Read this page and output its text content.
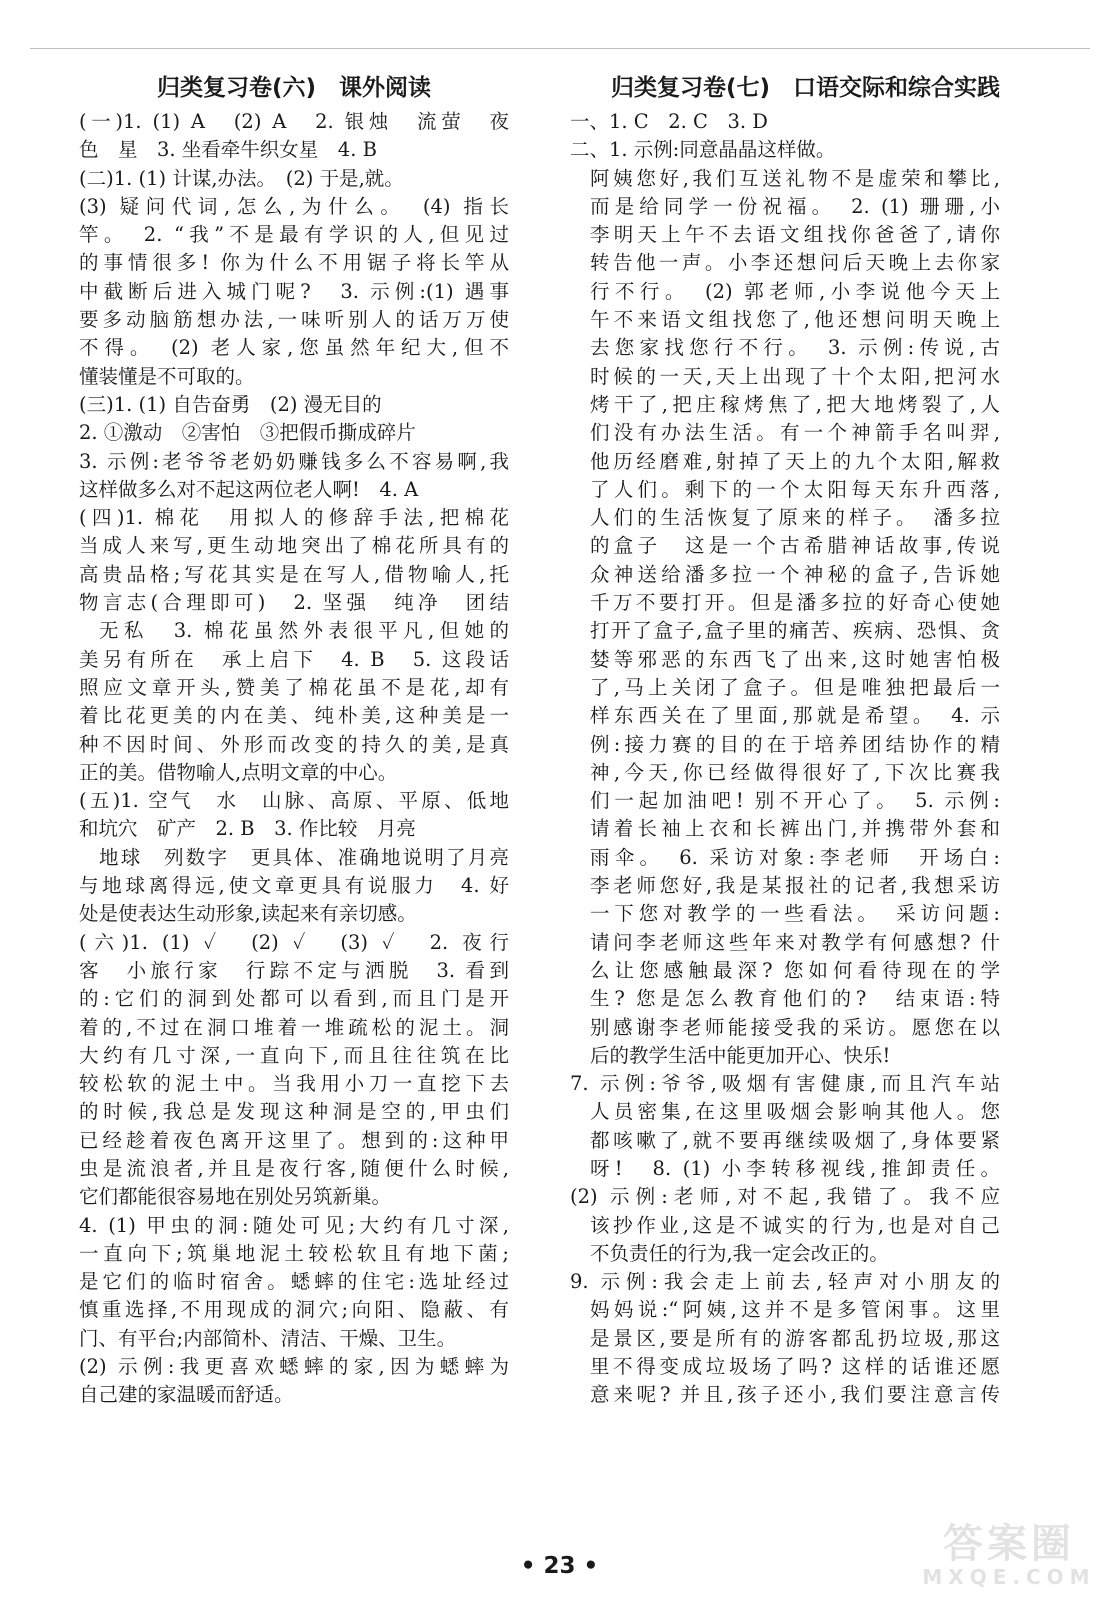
归类复习卷(六)　课外阅读
(一)1. (1) A　(2) A　2. 银烛　流萤　夜
色　星　3. 坐看牵牛织女星　4. B
(二)1. (1) 计谋,办法。　(2) 于是,就。
(3) 疑问代词,怎么,为什么。　(4) 指长
竿。　2. “我”不是最有学识的人,但见过
的事情很多! 你为什么不用锯子将长竿从
中截断后进入城门呢?　3. 示例:(1) 遇事
要多动脑筋想办法,一味听别人的话万万使
不得。　(2) 老人家,您虽然年纪大,但不
懂装懂是不可取的。
(三)1. (1) 自告奋勇　(2) 漫无目的
2. ①激动　②害怕　③把假币撕成碎片
3. 示例:老爷爷老奶奶赚钱多么不容易啊,我
这样做多么对不起这两位老人啊!　4. A
(四)1. 棉花　用拟人的修辞手法,把棉花
当成人来写,更生动地突出了棉花所具有的
高贵品格;写花其实是在写人,借物喻人,托
物言志(合理即可)　2. 坚强　纯净　团结
无私　3. 棉花虽然外表很平凡,但她的
美另有所在　承上启下　4. B　5. 这段话
照应文章开头,赞美了棉花虽不是花,却有
着比花更美的内在美、纯朴美,这种美是一
种不因时间、外形而改变的持久的美,是真
正的美。借物喻人,点明文章的中心。
(五)1. 空气　水　山脉、高原、平原、低地
和坑穴　矿产　2. B　3. 作比较　月亮
地球　列数字　更具体、准确地说明了月亮
与地球离得远,使文章更具有说服力　4. 好
处是使表达生动形象,读起来有亲切感。
(六)1. (1) ✓　(2) ✓　(3) ✓　2. 夜行
客　小旅行家　行踪不定与洒脱　3. 看到
的:它们的洞到处都可以看到,而且门是开
着的,不过在洞口堆着一堆疏松的泥土。洞
大约有几寸深,一直向下,而且往往筑在比
较松软的泥土中。当我用小刀一直挖下去
的时候,我总是发现这种洞是空的,甲虫们
已经趁着夜色离开这里了。想到的:这种甲
虫是流浪者,并且是夜行客,随便什么时候,
它们都能很容易地在别处另筑新巢。
4. (1) 甲虫的洞:随处可见;大约有几寸深,
一直向下;筑巢地泥土较松软且有地下菌;
是它们的临时宿舍。蟋蟀的住宅:选址经过
慎重选择,不用现成的洞穴;向阳、隐蔽、有
门、有平台;内部简朴、清洁、干燥、卫生。
(2) 示例:我更喜欢蟋蟀的家,因为蟋蟀为
自己建的家温暖而舒适。
归类复习卷(七)　口语交际和综合实践
一、1. C　2. C　3. D
二、1. 示例:同意晶晶这样做。
阿姨您好,我们互送礼物不是虚荣和攀比,
而是给同学一份祝福。　2. (1) 珊珊,小
李明天上午不去语文组找你爸爸了,请你
转告他一声。小李还想问后天晚上去你家
行不行。　(2) 郭老师,小李说他今天上
午不来语文组找您了,他还想问明天晚上
去您家找您行不行。　3. 示例:传说,古
时候的一天,天上出现了十个太阳,把河水
烤干了,把庄稼烤焦了,把大地烤裂了,人
们没有办法生活。有一个神箭手名叫羿,
他历经磨难,射掉了天上的九个太阳,解救
了人们。剩下的一个太阳每天东升西落,
人们的生活恢复了原来的样子。　潘多拉
的盒子　这是一个古希腊神话故事,传说
众神送给潘多拉一个神秘的盒子,告诉她
千万不要打开。但是潘多拉的好奇心使她
打开了盒子,盒子里的痛苦、疾病、恐惧、贪
婪等邪恶的东西飞了出来,这时她害怕极
了,马上关闭了盒子。但是唯独把最后一
样东西关在了里面,那就是希望。　4. 示
例:接力赛的目的在于培养团结协作的精
神,今天,你已经做得很好了,下次比赛我
们一起加油吧! 别不开心了。　5. 示例:
请着长袖上衣和长裤出门,并携带外套和
雨伞。　6. 采访对象:李老师　开场白:
李老师您好,我是某报社的记者,我想采访
一下您对教学的一些看法。　采访问题:
请问李老师这些年来对教学有何感想? 什
么让您感触最深? 您如何看待现在的学
生? 您是怎么教育他们的?　结束语:特
别感谢李老师能接受我的采访。愿您在以
后的教学生活中能更加开心、快乐!
7. 示例:爷爷,吸烟有害健康,而且汽车站
人员密集,在这里吸烟会影响其他人。您
都咳嗽了,就不要再继续吸烟了,身体要紧
呀!　8. (1) 小李转移视线,推卸责任。
(2) 示例:老师,对不起,我错了。我不应
该抄作业,这是不诚实的行为,也是对自己
不负责任的行为,我一定会改正的。
9. 示例:我会走上前去,轻声对小朋友的
妈妈说:“阿姨,这并不是多管闲事。这里
是景区,要是所有的游客都乱扔垃圾,那这
里不得变成垃圾场了吗? 这样的话谁还愿
意来呢? 并且,孩子还小,我们要注意言传
• 23 •	答案圈
MXQE.COM
